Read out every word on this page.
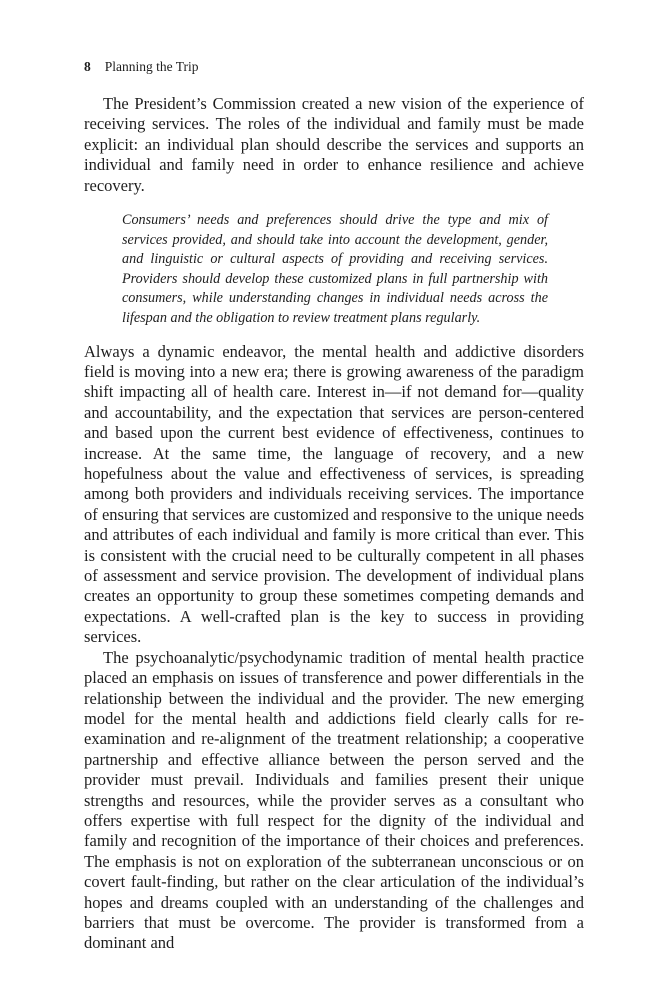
8 Planning the Trip

The President’s Commission created a new vision of the experience of receiving services. The roles of the individual and family must be made explicit: an individual plan should describe the services and supports an individual and family need in order to enhance resilience and achieve recovery.

Consumers’ needs and preferences should drive the type and mix of services provided, and should take into account the development, gender, and linguistic or cultural aspects of providing and receiving services. Providers should develop these customized plans in full partnership with consumers, while understanding changes in individual needs across the lifespan and the obligation to review treatment plans regularly.

Always a dynamic endeavor, the mental health and addictive disorders field is moving into a new era; there is growing awareness of the paradigm shift impacting all of health care. Interest in—if not demand for—quality and accountability, and the expectation that services are person-centered and based upon the current best evidence of effectiveness, continues to increase. At the same time, the language of recovery, and a new hopefulness about the value and effectiveness of services, is spreading among both providers and individuals receiving services. The importance of ensuring that services are customized and responsive to the unique needs and attributes of each individual and family is more critical than ever. This is consistent with the crucial need to be culturally competent in all phases of assessment and service provision. The development of individual plans creates an opportunity to group these sometimes competing demands and expectations. A well-crafted plan is the key to success in providing services.

The psychoanalytic/psychodynamic tradition of mental health practice placed an emphasis on issues of transference and power differentials in the relationship between the individual and the provider. The new emerging model for the mental health and addictions field clearly calls for re-examination and re-alignment of the treatment relationship; a cooperative partnership and effective alliance between the person served and the provider must prevail. Individuals and families present their unique strengths and resources, while the provider serves as a consultant who offers expertise with full respect for the dignity of the individual and family and recognition of the importance of their choices and preferences. The emphasis is not on exploration of the subterranean unconscious or on covert fault-finding, but rather on the clear articulation of the individual’s hopes and dreams coupled with an understanding of the challenges and barriers that must be overcome. The provider is transformed from a dominant and
